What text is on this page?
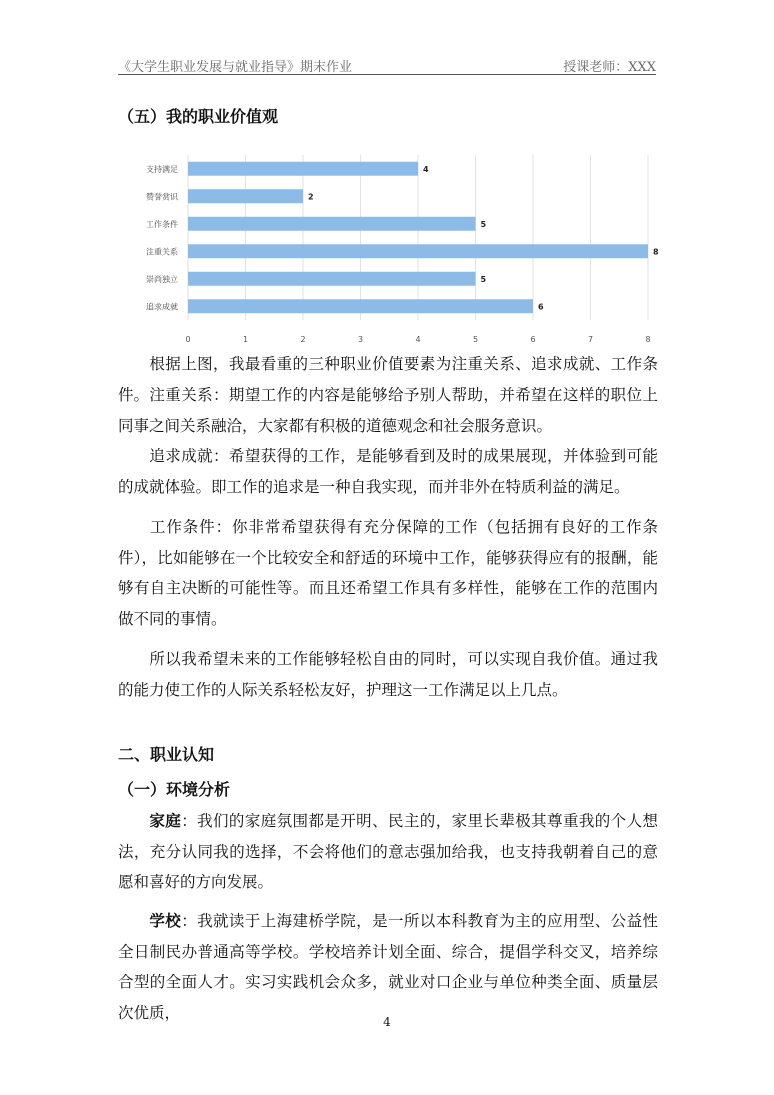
《大学生职业发展与就业指导》期末作业	授课老师：XXX
（五）我的职业价值观
0	1	2	3	4	5	6	7	8
支持满足	4
赞誉赏识	2
工作条件	5
注重关系	8
崇尚独立	5
追求成就	6

根据上图，我最看重的三种职业价值要素为注重关系、追求成就、工作条件。 注重关系：期望工作的内容是能够给予别人帮助，并希望在这样的职位上同事之间关系融洽，大家都有积极的道德观念和社会服务意识。

追求成就：希望获得的工作，是能够看到及时的成果展现，并体验到可能的成就体验。即工作的追求是一种自我实现，而并非外在特质利益的满足。

工作条件：你非常希望获得有充分保障的工作（包括拥有良好的工作条件），比如能够在一个比较安全和舒适的环境中工作，能够获得应有的报酬，能够有自主决断的可能性等。而且还希望工作具有多样性，能够在工作的范围内做不同的事情。

所以我希望未来的工作能够轻松自由的同时，可以实现自我价值。通过我的能力使工作的人际关系轻松友好，护理这一工作满足以上几点。

二、职业认知
（一）环境分析

家庭：我们的家庭氛围都是开明、民主的，家里长辈极其尊重我的个人想法，充分认同我的选择，不会将他们的意志强加给我，也支持我朝着自己的意愿和喜好的方向发展。

学校：我就读于上海建桥学院，是一所以本科教育为主的应用型、公益性全日制民办普通高等学校。学校培养计划全面、综合，提倡学科交叉，培养综合型的全面人才。实习实践机会众多，就业对口企业与单位种类全面、质量层次优质，

4
